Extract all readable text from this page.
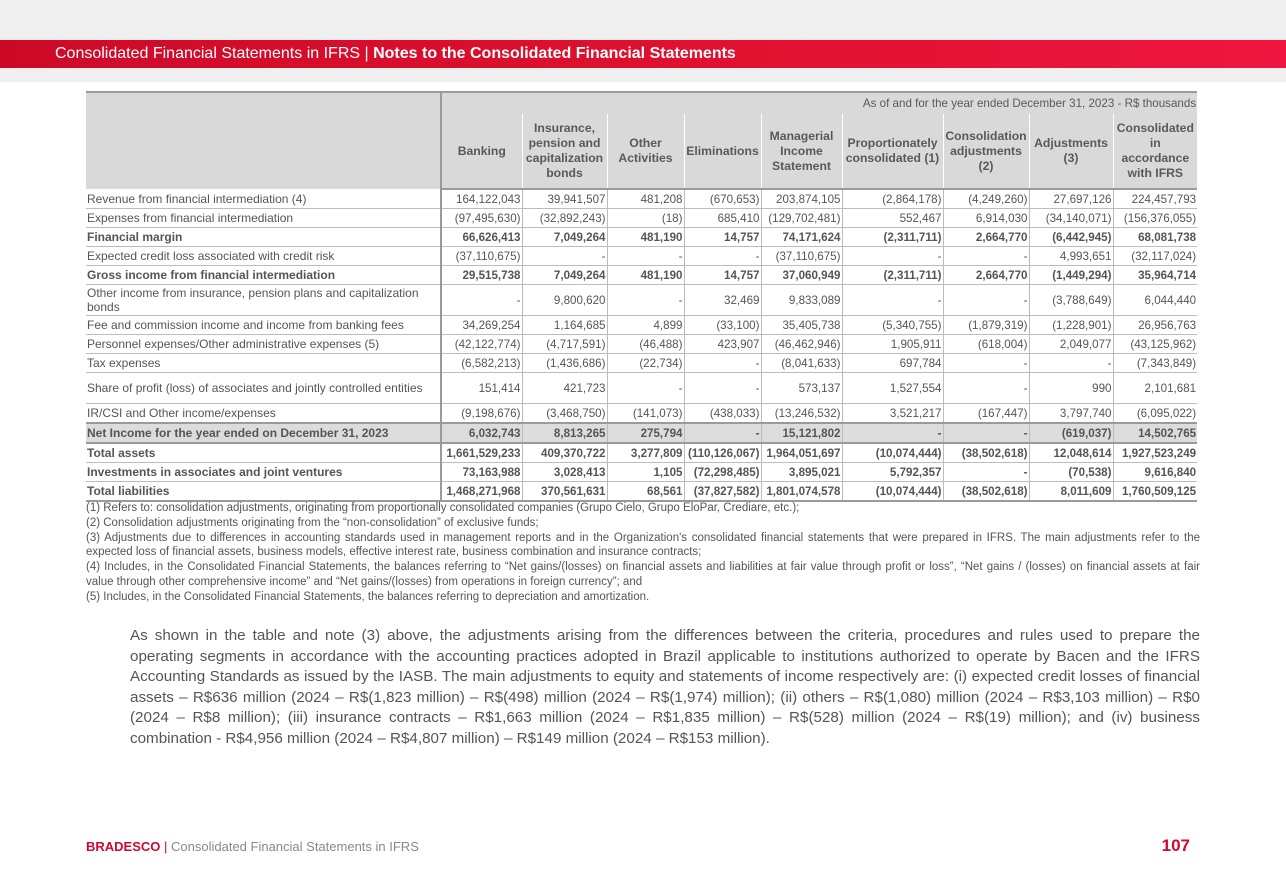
Consolidated Financial Statements in IFRS | Notes to the Consolidated Financial Statements
	As of and for the year ended December 31, 2023 - R$ thousands								
	Banking	Insurance, pension and capitalization bonds	Other Activities	Eliminations	Managerial Income Statement	Proportionately consolidated (1)	Consolidation adjustments (2)	Adjustments (3)	Consolidated in accordance with IFRS
Revenue from financial intermediation (4)	164,122,043	39,941,507	481,208	(670,653)	203,874,105	(2,864,178)	(4,249,260)	27,697,126	224,457,793
Expenses from financial intermediation	(97,495,630)	(32,892,243)	(18)	685,410	(129,702,481)	552,467	6,914,030	(34,140,071)	(156,376,055)
Financial margin	66,626,413	7,049,264	481,190	14,757	74,171,624	(2,311,711)	2,664,770	(6,442,945)	68,081,738
Expected credit loss associated with credit risk	(37,110,675)	-	-	-	(37,110,675)	-	-	4,993,651	(32,117,024)
Gross income from financial intermediation	29,515,738	7,049,264	481,190	14,757	37,060,949	(2,311,711)	2,664,770	(1,449,294)	35,964,714
Other income from insurance, pension plans and capitalization bonds	-	9,800,620	-	32,469	9,833,089	-	-	(3,788,649)	6,044,440
Fee and commission income and income from banking fees	34,269,254	1,164,685	4,899	(33,100)	35,405,738	(5,340,755)	(1,879,319)	(1,228,901)	26,956,763
Personnel expenses/Other administrative expenses (5)	(42,122,774)	(4,717,591)	(46,488)	423,907	(46,462,946)	1,905,911	(618,004)	2,049,077	(43,125,962)
Tax expenses	(6,582,213)	(1,436,686)	(22,734)	-	(8,041,633)	697,784	-	-	(7,343,849)
Share of profit (loss) of associates and jointly controlled entities	151,414	421,723	-	-	573,137	1,527,554	-	990	2,101,681
IR/CSI and Other income/expenses	(9,198,676)	(3,468,750)	(141,073)	(438,033)	(13,246,532)	3,521,217	(167,447)	3,797,740	(6,095,022)
Net Income for the year ended on December 31, 2023	6,032,743	8,813,265	275,794	-	15,121,802	-	-	(619,037)	14,502,765
Total assets	1,661,529,233	409,370,722	3,277,809	(110,126,067)	1,964,051,697	(10,074,444)	(38,502,618)	12,048,614	1,927,523,249
Investments in associates and joint ventures	73,163,988	3,028,413	1,105	(72,298,485)	3,895,021	5,792,357	-	(70,538)	9,616,840
Total liabilities	1,468,271,968	370,561,631	68,561	(37,827,582)	1,801,074,578	(10,074,444)	(38,502,618)	8,011,609	1,760,509,125

(1) Refers to: consolidation adjustments, originating from proportionally consolidated companies (Grupo Cielo, Grupo EloPar, Crediare, etc.);

(2) Consolidation adjustments originating from the “non-consolidation” of exclusive funds;

(3) Adjustments due to differences in accounting standards used in management reports and in the Organization's consolidated financial statements that were prepared in IFRS. The main adjustments refer to the expected loss of financial assets, business models, effective interest rate, business combination and insurance contracts;

(4) Includes, in the Consolidated Financial Statements, the balances referring to “Net gains/(losses) on financial assets and liabilities at fair value through profit or loss”, “Net gains / (losses) on financial assets at fair value through other comprehensive income” and “Net gains/(losses) from operations in foreign currency”; and

(5) Includes, in the Consolidated Financial Statements, the balances referring to depreciation and amortization.

As shown in the table and note (3) above, the adjustments arising from the differences between the criteria, procedures and rules used to prepare the operating segments in accordance with the accounting practices adopted in Brazil applicable to institutions authorized to operate by Bacen and the IFRS Accounting Standards as issued by the IASB. The main adjustments to equity and statements of income respectively are: (i) expected credit losses of financial assets – R$636 million (2024 – R$(1,823 million) – R$(498) million (2024 – R$(1,974) million); (ii) others – R$(1,080) million (2024 – R$3,103 million) – R$0 (2024 – R$8 million); (iii) insurance contracts – R$1,663 million (2024 – R$1,835 million) – R$(528) million (2024 – R$(19) million); and (iv) business combination - R$4,956 million (2024 – R$4,807 million) – R$149 million (2024 – R$153 million).
BRADESCO | Consolidated Financial Statements in IFRS	107
